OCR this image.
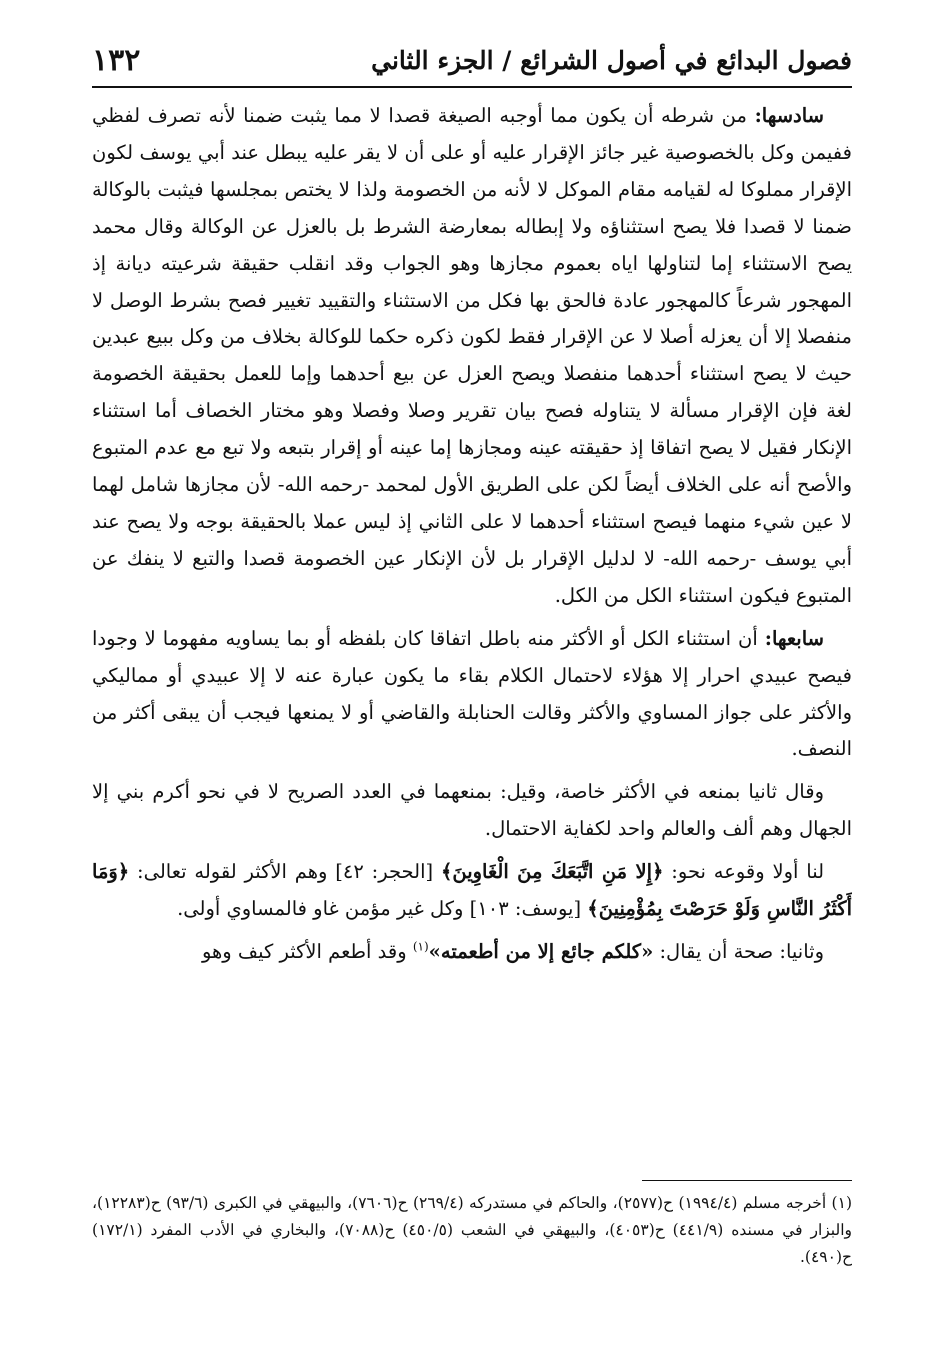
فصول البدائع في أصول الشرائع / الجزء الثاني
١٣٢

سادسها: من شرطه أن يكون مما أوجبه الصيغة قصدا لا مما يثبت ضمنا لأنه تصرف لفظي ففيمن وكل بالخصوصية غير جائز الإقرار عليه أو على أن لا يقر عليه يبطل عند أبي يوسف لكون الإقرار مملوكا له لقيامه مقام الموكل لا لأنه من الخصومة ولذا لا يختص بمجلسها فيثبت بالوكالة ضمنا لا قصدا فلا يصح استثناؤه ولا إبطاله بمعارضة الشرط بل بالعزل عن الوكالة وقال محمد يصح الاستثناء إما لتناولها اياه بعموم مجازها وهو الجواب وقد انقلب حقيقة شرعيته ديانة إذ المهجور شرعاً كالمهجور عادة فالحق بها فكل من الاستثناء والتقييد تغيير فصح بشرط الوصل لا منفصلا إلا أن يعزله أصلا لا عن الإقرار فقط لكون ذكره حكما للوكالة بخلاف من وكل ببيع عبدين حيث لا يصح استثناء أحدهما منفصلا ويصح العزل عن بيع أحدهما وإما للعمل بحقيقة الخصومة لغة فإن الإقرار مسألة لا يتناوله فصح بيان تقرير وصلا وفصلا وهو مختار الخصاف أما استثناء الإنكار فقيل لا يصح اتفاقا إذ حقيقته عينه ومجازها إما عينه أو إقرار بتبعه ولا تبع مع عدم المتبوع والأصح أنه على الخلاف أيضاً لكن على الطريق الأول لمحمد -رحمه الله- لأن مجازها شامل لهما لا عين شيء منهما فيصح استثناء أحدهما لا على الثاني إذ ليس عملا بالحقيقة بوجه ولا يصح عند أبي يوسف -رحمه الله- لا لدليل الإقرار بل لأن الإنكار عين الخصومة قصدا والتبع لا ينفك عن المتبوع فيكون استثناء الكل من الكل.

سابعها: أن استثناء الكل أو الأكثر منه باطل اتفاقا كان بلفظه أو بما يساويه مفهوما لا وجودا فيصح عبيدي احرار إلا هؤلاء لاحتمال الكلام بقاء ما يكون عبارة عنه لا إلا عبيدي أو مماليكي والأكثر على جواز المساوي والأكثر وقالت الحنابلة والقاضي أو لا يمنعها فيجب أن يبقى أكثر من النصف.

وقال ثانيا بمنعه في الأكثر خاصة، وقيل: بمنعهما في العدد الصريح لا في نحو أكرم بني إلا الجهال وهم ألف والعالم واحد لكفاية الاحتمال.

لنا أولا وقوعه نحو: ﴿إِلا مَنِ اتَّبَعَكَ مِنَ الْغَاوِينَ﴾ [الحجر: ٤٢] وهم الأكثر لقوله تعالى: ﴿وَمَا أَكْثَرُ النَّاسِ وَلَوْ حَرَصْتَ بِمُؤْمِنِينَ﴾ [يوسف: ١٠٣] وكل غير مؤمن غاو فالمساوي أولى.

وثانيا: صحة أن يقال: «كلكم جائع إلا من أطعمته»$^{(١)}$ وقد أطعم الأكثر كيف وهو

(١) أخرجه مسلم (١٩٩٤/٤) ح(٢٥٧٧)، والحاكم في مستدركه (٢٦٩/٤) ح(٧٦٠٦)، والبيهقي في الكبرى (٩٣/٦) ح(١٢٢٨٣)، والبزار في مسنده (٤٤١/٩) ح(٤٠٥٣)، والبيهقي في الشعب (٤٥٠/٥) ح(٧٠٨٨)، والبخاري في الأدب المفرد (١٧٢/١) ح(٤٩٠).
